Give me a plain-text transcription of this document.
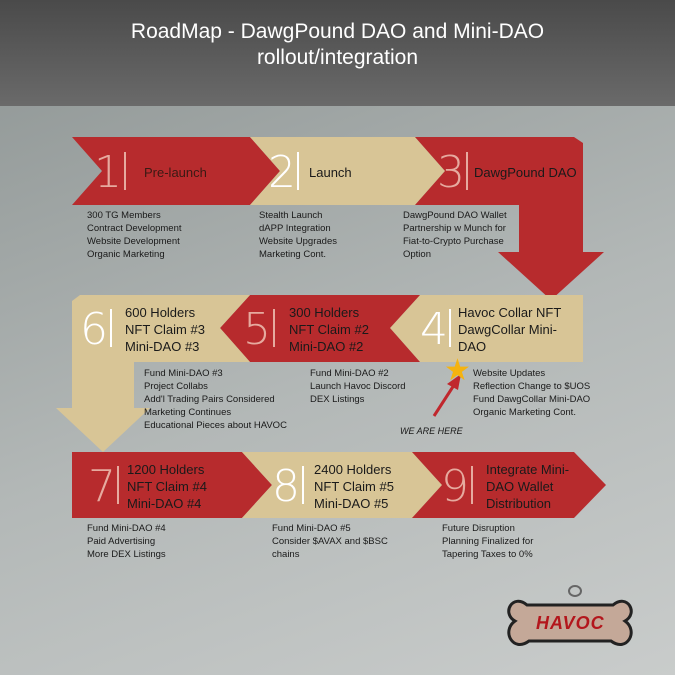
RoadMap - DawgPound DAO and Mini-DAO
rollout/integration
1	2	3
4
5
6
7	8	9
Pre-launch	Launch	DawgPound DAO
Havoc Collar NFT
DawgCollar Mini-
DAO
300 Holders
NFT Claim #2
Mini-DAO #2
600 Holders
NFT Claim #3
Mini-DAO #3
1200 Holders
NFT Claim #4
Mini-DAO #4
2400 Holders
NFT Claim #5
Mini-DAO #5
Integrate Mini-
DAO Wallet
Distribution
300 TG Members
Contract Development
Website Development
Organic Marketing
Stealth Launch
dAPP Integration
Website Upgrades
Marketing Cont.
DawgPound DAO Wallet
Partnership w Munch for
Fiat-to-Crypto Purchase
Option
Website Updates
Reflection Change to $UOS
Fund DawgCollar Mini-DAO
Organic Marketing Cont.
Fund Mini-DAO #2
Launch Havoc Discord
DEX Listings
Fund Mini-DAO #3
Project Collabs
Add'l Trading Pairs Considered
Marketing Continues
Educational Pieces about HAVOC
Fund Mini-DAO #4
Paid Advertising
More DEX Listings
Fund Mini-DAO #5
Consider $AVAX and $BSC
chains
Future Disruption
Planning Finalized for
Tapering Taxes to 0%
★
WE ARE HERE
HAVOC
